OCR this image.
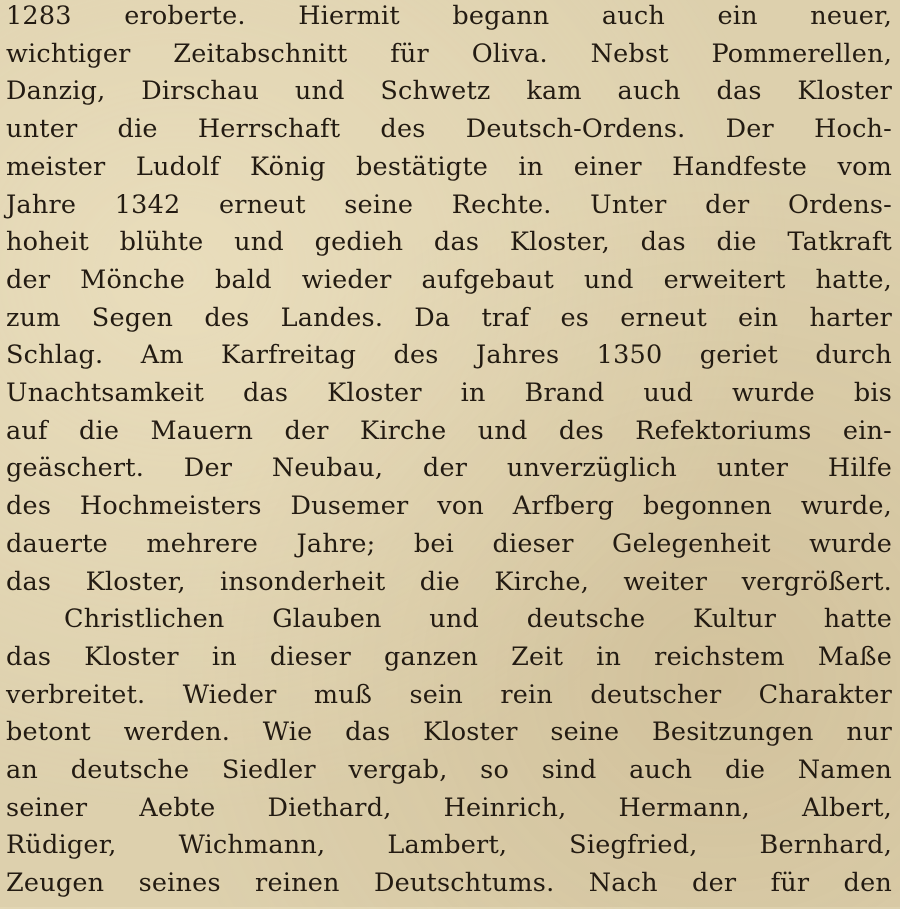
1283 eroberte. Hiermit begann auch ein neuer,
wichtiger Zeitabschnitt für Oliva. Nebst Pommerellen,
Danzig, Dirschau und Schwetz kam auch das Kloster
unter die Herrschaft des Deutsch-Ordens. Der Hoch-
meister Ludolf König bestätigte in einer Handfeste vom
Jahre 1342 erneut seine Rechte. Unter der Ordens-
hoheit blühte und gedieh das Kloster, das die Tatkraft
der Mönche bald wieder aufgebaut und erweitert hatte,
zum Segen des Landes. Da traf es erneut ein harter
Schlag. Am Karfreitag des Jahres 1350 geriet durch
Unachtsamkeit das Kloster in Brand uud wurde bis
auf die Mauern der Kirche und des Refektoriums ein-
geäschert. Der Neubau, der unverzüglich unter Hilfe
des Hochmeisters Dusemer von Arfberg begonnen wurde,
dauerte mehrere Jahre; bei dieser Gelegenheit wurde
das Kloster, insonderheit die Kirche, weiter vergrößert.
Christlichen Glauben und deutsche Kultur hatte
das Kloster in dieser ganzen Zeit in reichstem Maße
verbreitet. Wieder muß sein rein deutscher Charakter
betont werden. Wie das Kloster seine Besitzungen nur
an deutsche Siedler vergab, so sind auch die Namen
seiner Aebte Diethard, Heinrich, Hermann, Albert,
Rüdiger, Wichmann, Lambert, Siegfried, Bernhard,
Zeugen seines reinen Deutschtums. Nach der für den
